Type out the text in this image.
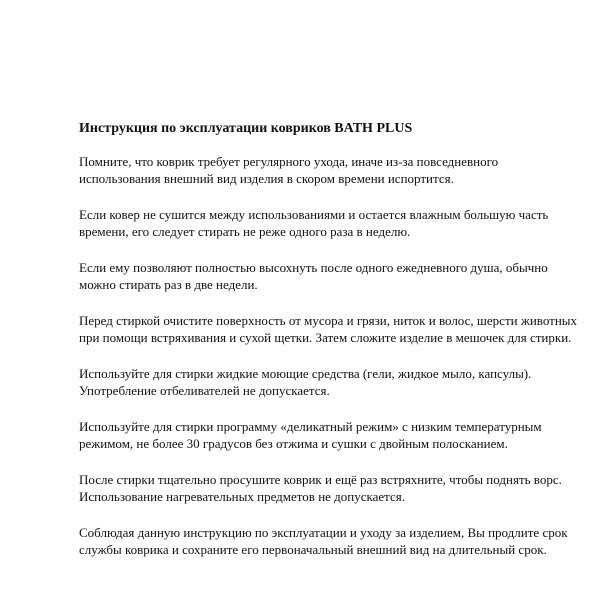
Инструкция по эксплуатации ковриков BATH PLUS

Помните, что коврик требует регулярного ухода, иначе из-за повседневного
использования внешний вид изделия в скором времени испортится.

Если ковер не сушится между использованиями и остается влажным большую часть
времени, его следует стирать не реже одного раза в неделю.

Если ему позволяют полностью высохнуть после одного ежедневного душа, обычно
можно стирать раз в две недели.

Перед стиркой очистите поверхность от мусора и грязи, ниток и волос, шерсти животных
при помощи встряхивания и сухой щетки. Затем сложите изделие в мешочек для стирки.

Используйте для стирки жидкие моющие средства (гели, жидкое мыло, капсулы).
Употребление отбеливателей не допускается.

Используйте для стирки программу «деликатный режим» с низким температурным
режимом, не более 30 градусов без отжима и сушки с двойным полосканием.

После стирки тщательно просушите коврик и ещё раз встряхните, чтобы поднять ворс.
Использование нагревательных предметов не допускается.

Соблюдая данную инструкцию по эксплуатации и уходу за изделием, Вы продлите срок
службы коврика и сохраните его первоначальный внешний вид на длительный срок.
